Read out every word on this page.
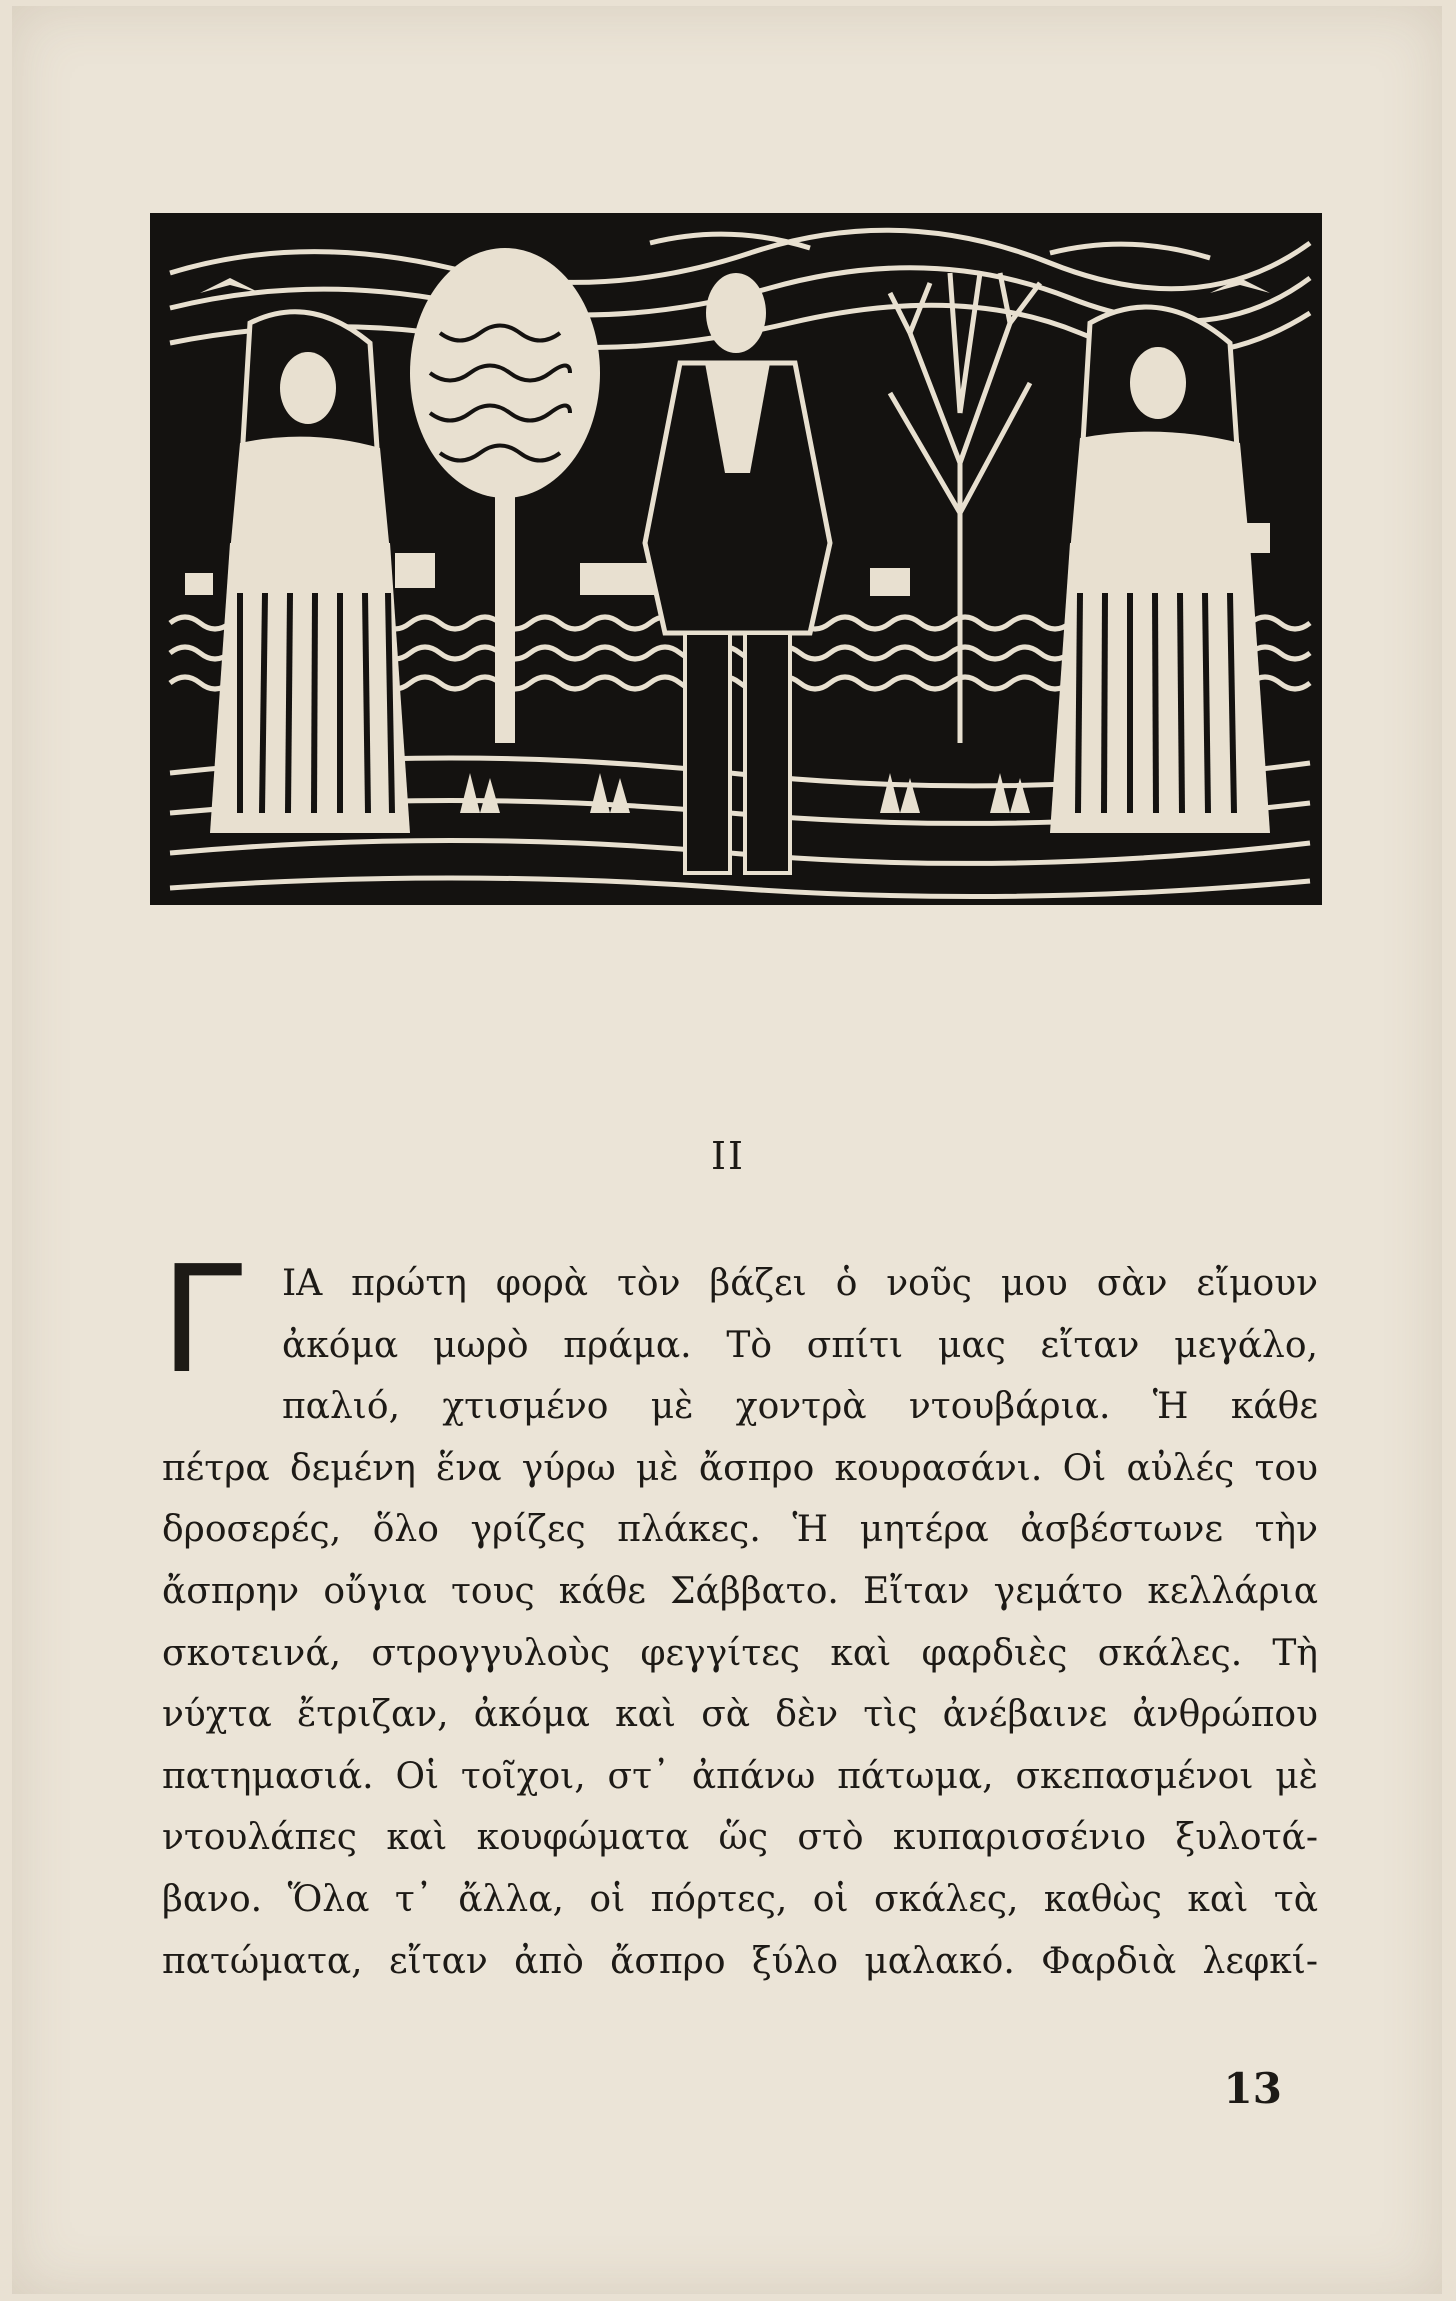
II
Γ	ΙΑ πρώτη φορὰ τὸν βάζει ὁ νοῦς μου σὰν εἴμουν
ἀκόμα μωρὸ πράμα. Τὸ σπίτι μας εἴταν μεγάλο,
παλιό, χτισμένο μὲ χοντρὰ ντουβάρια. Ἡ κάθε
πέτρα δεμένη ἕνα γύρω μὲ ἄσπρο κουρασάνι. Οἱ αὐλές του
δροσερές, ὅλο γρίζες πλάκες. Ἡ μητέρα ἀσβέστωνε τὴν
ἄσπρην οὔγια τους κάθε Σάββατο. Εἴταν γεμάτο κελλάρια
σκοτεινά, στρογγυλοὺς φεγγίτες καὶ φαρδιὲς σκάλες. Τὴ
νύχτα ἔτριζαν, ἀκόμα καὶ σὰ δὲν τὶς ἀνέβαινε ἀνθρώπου
πατημασιά. Οἱ τοῖχοι, στ᾽ ἀπάνω πάτωμα, σκεπασμένοι μὲ
ντουλάπες καὶ κουφώματα ὥς στὸ κυπαρισσένιο ξυλοτά-
βανο. Ὅλα τ᾽ ἄλλα, οἱ πόρτες, οἱ σκάλες, καθὼς καὶ τὰ
πατώματα, εἴταν ἀπὸ ἄσπρο ξύλο μαλακό. Φαρδιὰ λεφκί-
13
